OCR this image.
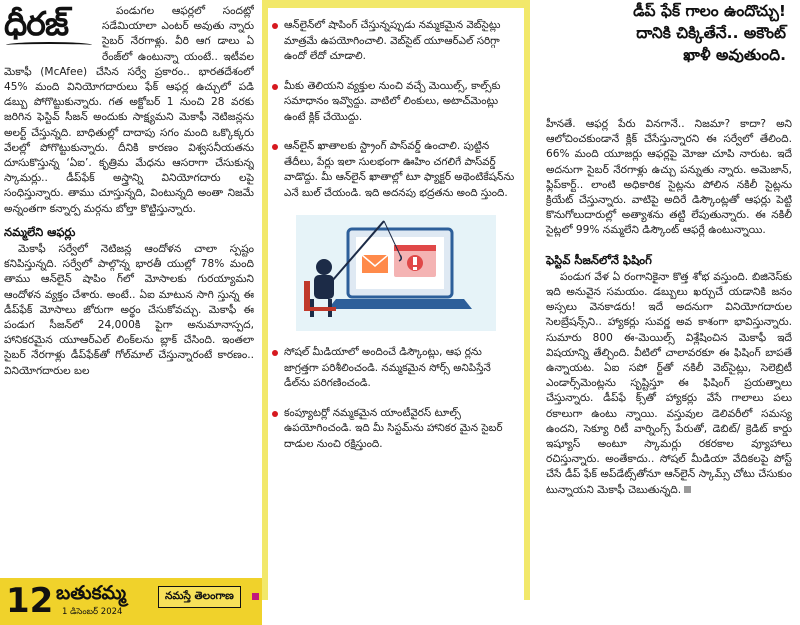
ధీరజ్	పండుగల ఆఫర్లలో సందట్లో సడేమియాలా ఎంటర్ అవుతు న్నారు సైబర్ నేరగాళ్లు. వీరి ఆగ డాలు ఏ రేంజ్‌లో ఉంటున్నా యంటే.. ఇటీవల మెకాఫీ (McAfee) చేసిన సర్వే ప్రకారం.. భారతదేశంలో 45% మంది వినియోగదారులు ఫేక్ ఆఫర్ల ఉచ్చులో పడి డబ్బు పోగొట్టుకున్నారు. గత అక్టోబర్ 1 నుంచి 28 వరకు జరిగిన ఫెస్టివ్ సీజన్ అందుకు సాక్ష్యమని మెకాఫీ నెటిజన్లను అలర్ట్ చేస్తున్నది. బాధితుల్లో దాదాపు సగం మంది ఒక్కొక్కరు వేలల్లో పోగొట్టుకున్నారు. దీనికి కారణం విశ్వసనీయతను దూసుకొస్తున్న ‘ఏఐ’. కృత్రిమ మేధను ఆసరాగా చేసుకున్న స్కామర్లు.. డీప్‌ఫేక్ అస్త్రాన్ని వినియోగదారు లపై సంధిస్తున్నారు. తాము చూస్తున్నది, వింటున్నది అంతా నిజమే అన్నంతగా కన్నార్ప మర్గను బోల్తా కొట్టిస్తున్నారు.

నమ్మలేని ఆఫర్లు

మెకాఫీ సర్వేలో నెటిజన్ల ఆందోళన చాలా స్పష్టం కనిపిస్తున్నది. సర్వేలో పాల్గొన్న భారతీ యుల్లో 78% మంది తాము ఆన్‌లైన్ షాపిం గ్‌లో మోసాలకు గురయ్యామని ఆందోళన వ్యక్తం చేశారు. అంటే.. ఏఐ మాటున సాగి స్తున్న ఈ డీప్‌ఫేక్ మోసాలు జోరుగా అర్థం చేసుకోవచ్చు. మెకాఫీ ఈ పండుగ సీజన్‌లో 24,000కి పైగా అనుమానాస్పద, హానికరమైన యూఆర్ఎల్ లింక్‌లను బ్లాక్ చేసింది. ఇంతలా సైబర్ నేరగాళ్లు డీప్‌ఫేక్‌తో గోల్‌మాల్ చేస్తున్నారంటే కారణం.. వినియోగదారుల బల

ఆన్‌లైన్‌లో షాపింగ్ చేస్తున్నప్పుడు నమ్మకమైన వెబ్‌సైట్లు మాత్రమే ఉపయోగించాలి. వెబ్‌సైట్ యూఆర్ఎల్ సరిగ్గా ఉందో లేదో చూడాలి.
మీకు తెలియని వ్యక్తుల నుంచి వచ్చే మెయిల్స్, కాల్స్‌కు సమాధానం ఇవ్వొద్దు. వాటిలో లింకులు, అటాచ్‌మెంట్లు ఉంటే క్లిక్ చేయొద్దు.
ఆన్‌లైన్ ఖాతాలకు స్ట్రాంగ్ పాస్‌వర్డ్ ఉంచాలి. పుట్టిన తేదీలు, పేర్లు ఇలా సులభంగా ఊహిం చగలిగే పాస్‌వర్డ్ వాడొద్దు. మీ ఆన్‌లైన్ ఖాతాల్లో టూ ఫ్యాక్టర్ అథెంటికేషన్‌ను ఎనే బుల్ చేయండి. ఇది అదనపు భద్రతను అంది స్తుంది.
సోషల్ మీడియాలో అందించే డిస్కౌంట్లు, ఆఫ ర్లను జాగ్రత్తగా పరిశీలించండి. నమ్మకమైన సోర్స్ అనిపిస్తేనే డీల్‌ను పరిగణించండి.
కంప్యూటర్లో నమ్మకమైన యాంటీవైరస్ టూల్స్ ఉపయోగించండి. ఇది మీ సిస్టమ్‌ను హానికర మైన సైబర్ దాడుల నుంచి రక్షిస్తుంది.
డీప్ ఫేక్ గాలం ఉందొచ్చు!
దానికి చిక్కితేనే.. అకౌంట్
ఖాళీ అవుతుంది.

హీనతే. ఆఫర్ల పేరు వినగానే.. నిజమా? కాదా? అని ఆలోచించకుండానే క్లిక్ చేసేస్తున్నారని ఈ సర్వేలో తేలింది. 66% మంది యూజర్లు ఆఫర్లపై మోజు చూపి నారుట. ఇదే అదనుగా సైబర్ నేరగాళ్లు ఉచ్చు పన్నుతు న్నారు. అమెజాన్, ఫ్లిప్‌కార్ట్.. లాంటి అధికారిక సైట్లను పోలిన నకిలీ సైట్లను క్రియేట్ చేస్తున్నారు. వాటిపై అదిరే డిస్కౌంట్లతో ఆఫర్లు పెట్టి కొనుగోలుదారుల్లో అత్యాశను తట్టి లేపుతున్నారు. ఈ నకిలీ సైట్లలో 99% నమ్మలేని డిస్కౌంట్ ఆఫర్లే ఉంటున్నాయి.

ఫెస్టివ్ సీజన్‌లోనే ఫిషింగ్

పండుగ వేళ ఏ రంగానికైనా కొత్త శోభ వస్తుంది. బిజినెస్‌కు ఇది అనువైన సమయం. డబ్బులు ఖర్చుచే యడానికి జనం అస్సలు వెనకాడరు! ఇదే అదనుగా వినియోగదారుల సెలబ్రేషన్స్‌ని.. హ్యాకర్లు సువర్ణ అవ కాశంగా భావిస్తున్నారు. సుమారు 800 ఈ-మెయిల్స్ విశ్లేషించిన మెకాఫీ ఇదే విషయాన్ని తేల్చింది. వీటిలో చాలావరకూ ఈ ఫిషింగ్ బాపతే ఉన్నాయట. ఏఐ సపో ర్ట్‌తో నకిలీ వెబ్‌సైట్లు, సెలెబ్రిటీ ఎండార్స్‌మెంట్లను సృష్టిస్తూ ఈ ఫిషింగ్ ప్రయత్నాలు చేస్తున్నారు. డీప్‌ఫే క్స్‌తో హ్యాకర్లు వేసే గాలాలు పలు రకాలుగా ఉంటు న్నాయి. వస్తువుల డెలివరీలో సమస్య ఉందని, సెక్యూ రిటీ వార్నింగ్స్ పేరుతో, డెబిట్/ క్రెడిట్ కార్డు ఇష్యూస్ అంటూ స్కామర్లు రకరకాల వ్యూహాలు రచిస్తున్నారు. అంతేకాదు.. సోషల్ మీడియా వేదికలపై పోస్ట్ చేసే డీప్ ఫేక్ అప్‌డేట్స్‌తోనూ ఆన్‌లైన్ స్కామ్స్ చోటు చేసుకుం టున్నాయని మెకాఫీ చెబుతున్నది.

12 బతుకమ్మ
1 డిసెంబర్ 2024
నమస్తే తెలంగాణ
